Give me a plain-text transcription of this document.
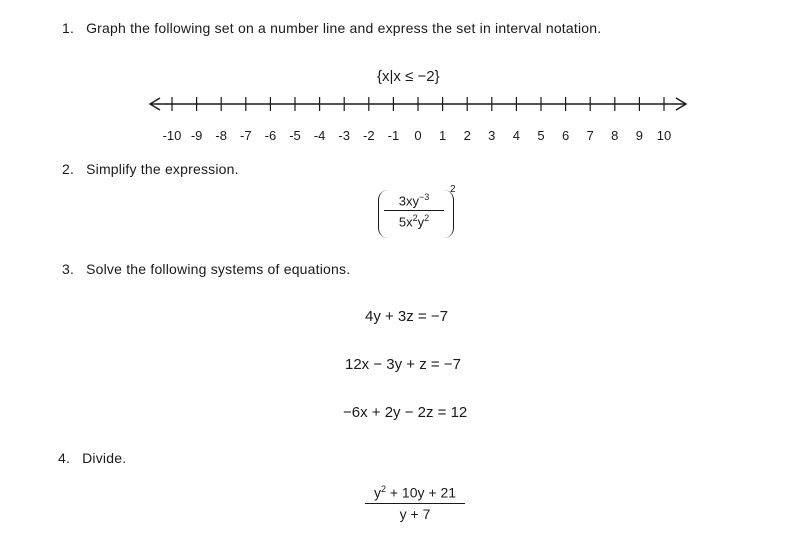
1. Graph the following set on a number line and express the set in interval notation.
{x|x ≤ −2}
-10 -9 -8 -7 -6 -5 -4 -3 -2 -1 0 1 2 3 4 5 6 7 8 9 10
2. Simplify the expression.
$\frac{3xy^{-3}}{5x^2y^2}$
2
3. Solve the following systems of equations.
4y + 3z = −7
12x − 3y + z = −7
−6x + 2y − 2z = 12
4. Divide.
$\frac{y^2 + 10y + 21}{y + 7}$
